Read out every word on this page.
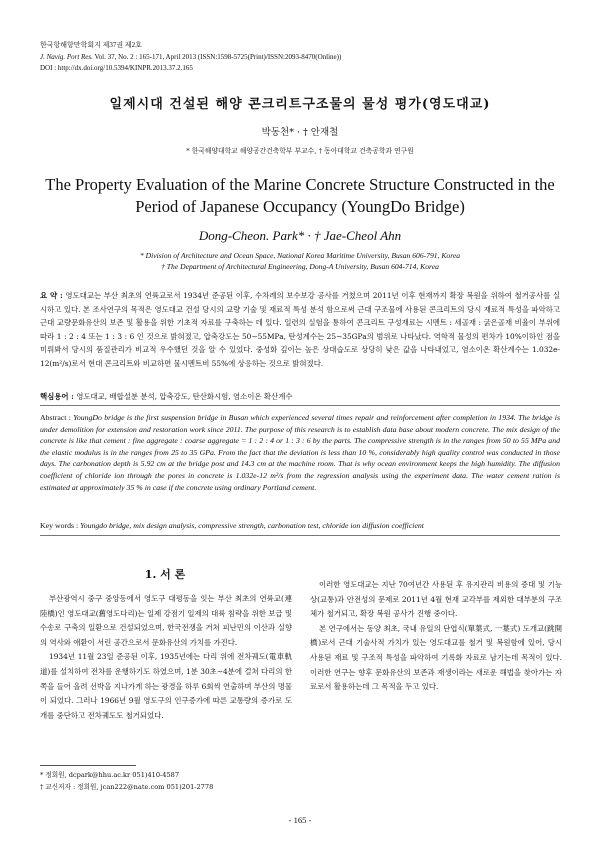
한국항해항만학회지 제37권 제2호
J. Navig. Port Res. Vol. 37, No. 2 : 165-171, April 2013 (ISSN:1598-5725(Print)/ISSN:2093-8470(Online))
DOI : http://dx.doi.org/10.5394/KINPR.2013.37.2.165
일제시대 건설된 해양 콘크리트구조물의 물성 평가(영도대교)
박동천* · † 안재철
* 한국해양대학교 해양공간건축학부 부교수, † 동아대학교 건축공학과 연구원
The Property Evaluation of the Marine Concrete Structure Constructed in the Period of Japanese Occupancy (YoungDo Bridge)
Dong-Cheon. Park* · † Jae-Cheol Ahn
* Division of Architecture and Ocean Space, National Korea Maritime University, Busan 606-791, Korea
† The Department of Architectural Engineering, Dong-A University, Busan 604-714, Korea
요 약 : 영도대교는 부산 최초의 연륙교로서 1934년 준공된 이후, 수차례의 보수보강 공사를 거쳤으며 2011년 이후 현재까지 확장 복원을 위하여 철거공사를 실시하고 있다. 본 조사연구의 목적은 영도대교 건설 당시의 교량 기술 및 재료적 특성 분석 함으로써 근대 구조물에 사용된 콘크리트의 당시 재료적 특성을 파악하고 근대 교량문화유산의 보존 및 활용을 위한 기초적 자료를 구축하는 데 있다. 일련의 실험을 통하여 콘크리트 구성재료는 시멘트 : 세골재 : 굵은골재 비율이 부위에 따라 1 : 2 : 4 또는 1 : 3 : 6 인 것으로 밝혀졌고, 압축강도는 50∼55MPa, 탄성계수는 25∼35GPa의 범위로 나타났다. 역학적 물성의 편차가 10%이하인 점을 미뤄봐서 당시의 품질관리가 비교적 우수했던 것을 알 수 있었다. 중성화 깊이는 높은 상대습도로 상당히 낮은 값을 나타내었고, 염소이온 확산계수는 1.032e-12(m²/s)로서 현대 콘크리트와 비교하면 물시멘트비 55%에 상응하는 것으로 밝혀졌다.
핵심용어 : 영도대교, 배합설분 분석, 압축강도, 탄산화시험, 염소이온 확산계수
Abstract : YoungDo bridge is the first suspension bridge in Busan which experienced several times repair and reinforcement after completion in 1934. The bridge is under demolition for extension and restoration work since 2011. The purpose of this research is to establish data base about modern concrete. The mix design of the concrete is like that cement : fine aggregate : coarse aggregate = 1 : 2 : 4 or 1 : 3 : 6 by the parts. The compressive strength is in the ranges from 50 to 55 MPa and the elastic modulus is in the ranges from 25 to 35 GPa. From the fact that the deviation is less than 10 %, considerably high quality control was conducted in those days. The carbonation depth is 5.92 cm at the bridge post and 14.3 cm at the machine room. That is why ocean environment keeps the high humidity. The diffusion coefficient of chloride ion through the pores in concrete is 1.032e-12 m²/s from the regression analysis using the experiment data. The water cement ration is estimated at approximately 35 % in case if the concrete using ordinary Portland cement.
Key words : Youngdo bridge, mix design analysis, compressive strength, carbonation test, chloride ion diffusion coefficient
1. 서 론

부산광역시 중구 중앙동에서 영도구 대평동을 잇는 부산 최초의 연륙교(連陸橋)인 영도대교(舊영도다리)는 일제 강점기 일제의 대륙 침략을 위한 보급 및 수송로 구축의 일환으로 건설되었으며, 한국전쟁을 거쳐 피난민의 이산과 실향의 역사와 애환이 서린 공간으로서 문화유산의 가치를 가진다.

1934년 11월 23일 준공된 이후, 1935년에는 다리 위에 전차궤도(電車軌道)를 설치하여 전차를 운행하기도 하였으며, 1분 30초∼4분에 걸쳐 다리의 한쪽을 들어 올려 선박을 지나가게 하는 광경을 하루 6회씩 연출하며 부산의 명물이 되었다. 그러나 1966년 9월 영도구의 인구증가에 따른 교통량의 증가로 도개를 중단하고 전차궤도도 철거되었다.

이러한 영도대교는 지난 70여년간 사용된 후 유지관리 비용의 증대 및 기능상(교통)과 안전성의 문제로 2011년 4월 현재 교각부를 제외한 대부분의 구조체가 철거되고, 확장 복원 공사가 진행 중이다.

본 연구에서는 동양 최초, 국내 유일의 단엽식(單葉式, 一葉式) 도개교(跳開橋)로서 근대 기술사적 가치가 있는 영도대교를 철거 및 복원함에 있어, 당시 사용된 재료 및 구조적 특성을 파악하여 기록화 자료로 남기는데 목적이 있다. 이러한 연구는 향후 문화유산의 보존과 재생이라는 새로운 해법을 찾아가는 자료로서 활용하는데 그 목적을 두고 있다.

* 정회원, dcpark@hhu.ac.kr 051)410-4587
† 교신저자 : 정회원, jcan222@nate.com 051)201-2778
- 165 -
